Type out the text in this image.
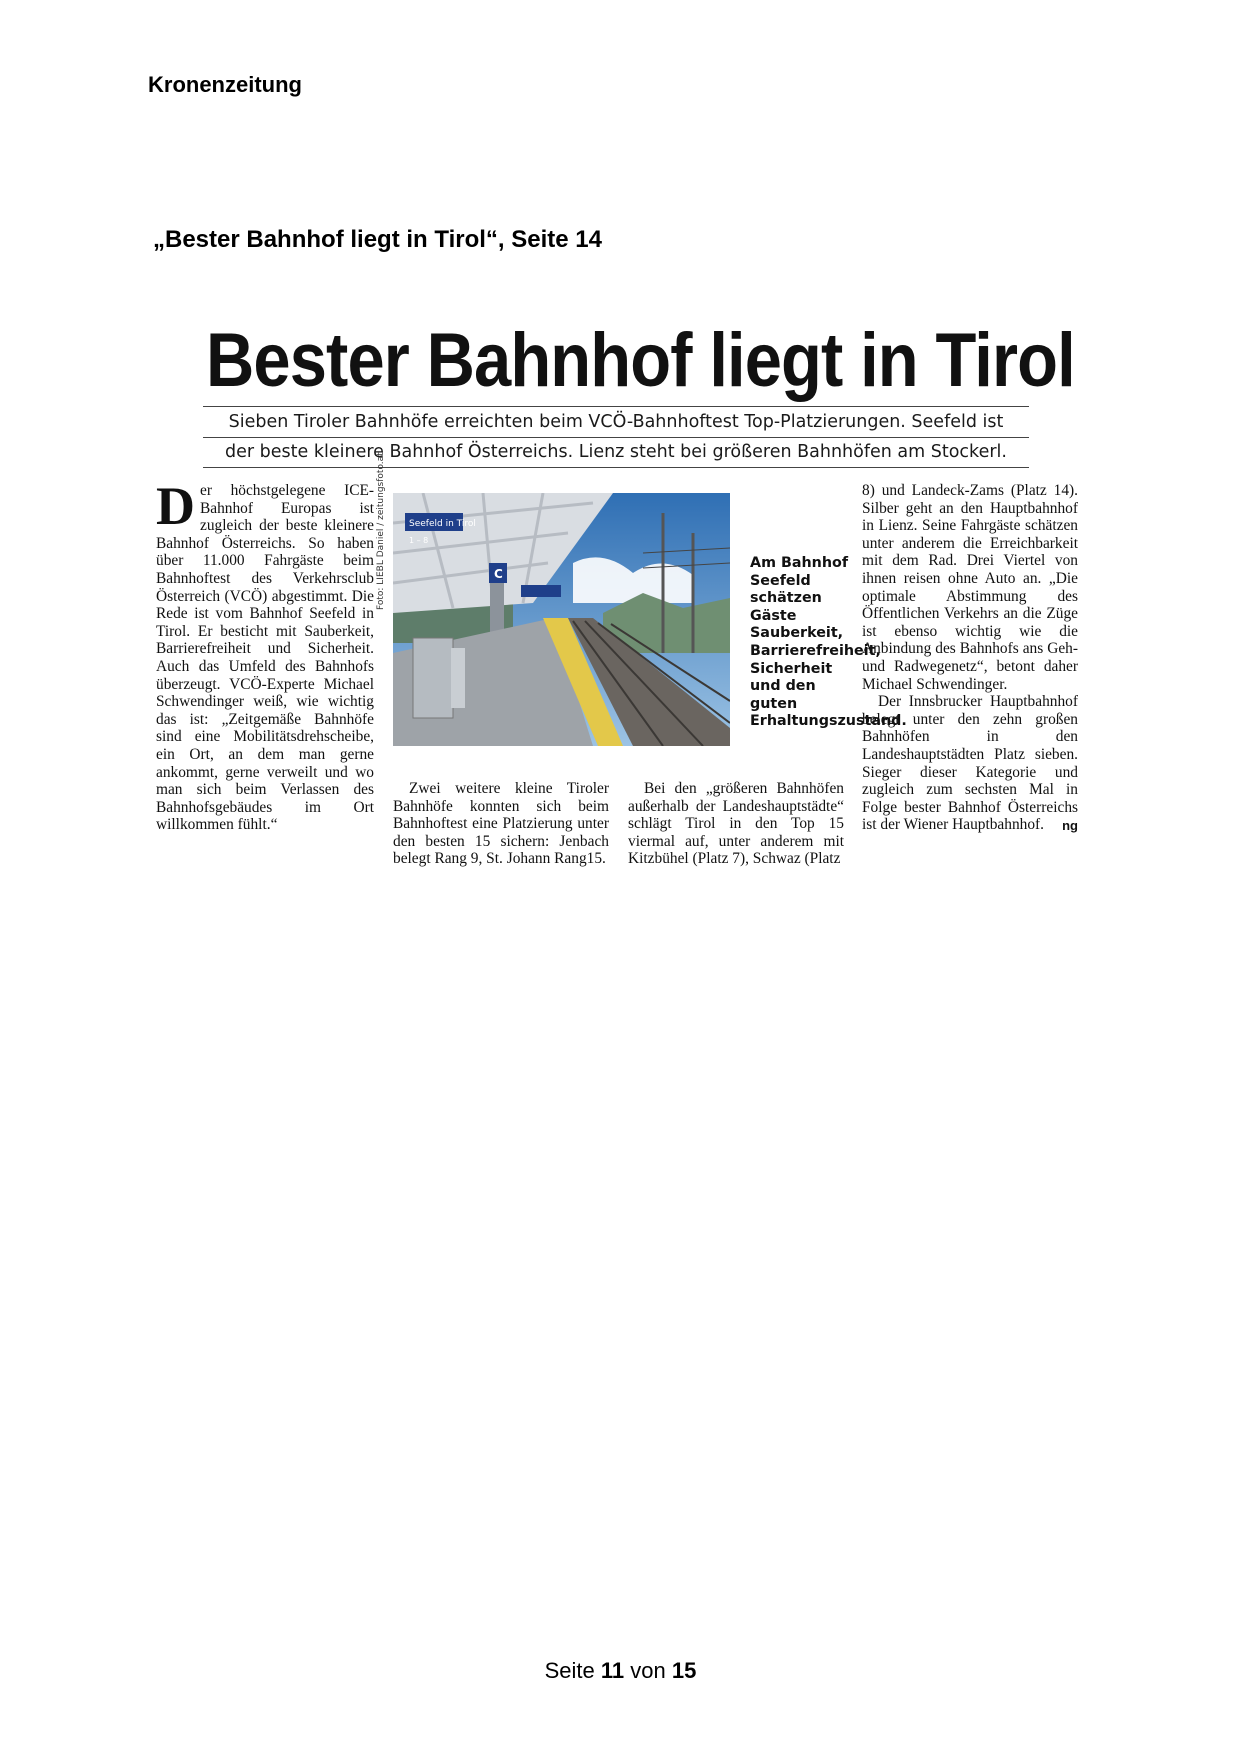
Kronenzeitung
„Bester Bahnhof liegt in Tirol“, Seite 14
Bester Bahnhof liegt in Tirol
Sieben Tiroler Bahnhöfe erreichten beim VCÖ-Bahnhoftest Top-Platzierungen. Seefeld ist
der beste kleinere Bahnhof Österreichs. Lienz steht bei größeren Bahnhöfen am Stockerl.
D er höchstgelegene ICE-Bahnhof Europas ist zugleich der beste kleinere Bahnhof Österreichs. So haben über 11.000 Fahrgäste beim Bahnhoftest des Verkehrsclub Österreich (VCÖ) abgestimmt. Die Rede ist vom Bahnhof Seefeld in Tirol. Er besticht mit Sauberkeit, Barrierefreiheit und Sicherheit. Auch das Umfeld des Bahnhofs überzeugt. VCÖ-Experte Michael Schwendinger weiß, wie wichtig das ist: „Zeitgemäße Bahnhöfe sind eine Mobilitätsdrehscheibe, ein Ort, an dem man gerne ankommt, gerne verweilt und wo man sich beim Verlassen des Bahnhofsgebäudes im Ort willkommen fühlt.“
Seefeld in Tirol
1 – 8
C
Foto: LIEBL Daniel / zeitungsfoto.at	Am Bahnhof Seefeld schätzen Gäste Sauberkeit, Barrierefreiheit, Sicherheit und den guten Erhaltungszustand.
Zwei weitere kleine Tiroler Bahnhöfe konnten sich beim Bahnhoftest eine Platzierung unter den besten 15 sichern: Jenbach belegt Rang 9, St. Johann Rang15.
Bei den „größeren Bahnhöfen außerhalb der Landeshauptstädte“ schlägt Tirol in den Top 15 viermal auf, unter anderem mit Kitzbühel (Platz 7), Schwaz (Platz
8) und Landeck-Zams (Platz 14). Silber geht an den Hauptbahnhof in Lienz. Seine Fahrgäste schätzen unter anderem die Erreichbarkeit mit dem Rad. Drei Viertel von ihnen reisen ohne Auto an. „Die optimale Abstimmung des Öffentlichen Verkehrs an die Züge ist ebenso wichtig wie die Anbindung des Bahnhofs ans Geh- und Radwegenetz“, betont daher Michael Schwendinger.
Der Innsbrucker Hauptbahnhof belegt unter den zehn großen Bahnhöfen in den Landeshauptstädten Platz sieben. Sieger dieser Kategorie und zugleich zum sechsten Mal in Folge bester Bahnhof Österreichs ist der Wiener Hauptbahnhof.	ng
Seite 11 von 15
